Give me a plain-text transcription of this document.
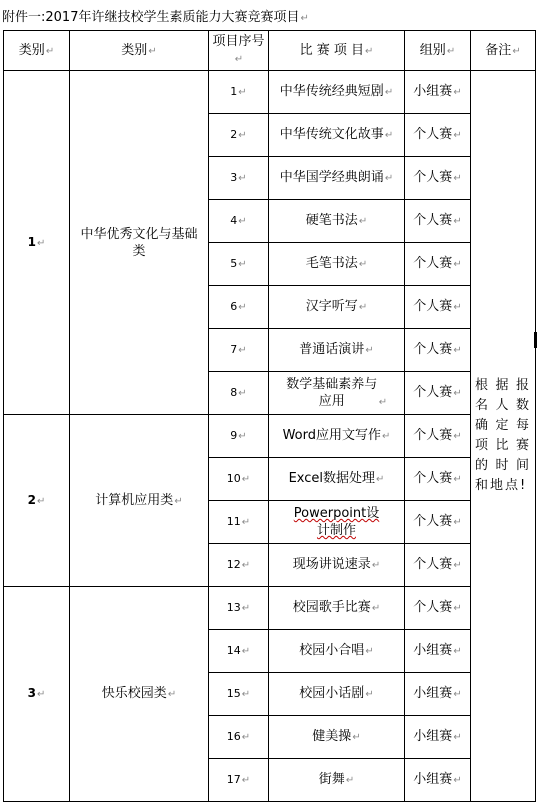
附件一:2017年许继技校学生素质能力大赛竞赛项目↵
类别↵	类别↵	项目序号↵	比 赛 项 目↵	组别↵	备注↵
1↵	中华优秀文化与基础类	1↵	中华传统经典短剧↵	小组赛↵	根据报名人数确定每项比赛的时间和地点!
		2↵	中华传统文化故事↵	个人赛↵	
		3↵	中华国学经典朗诵↵	个人赛↵	
		4↵	硬笔书法↵	个人赛↵	
		5↵	毛笔书法↵	个人赛↵	
		6↵	汉字听写↵	个人赛↵	
		7↵	普通话演讲↵	个人赛↵	
		8↵	数学基础素养与应用 ↵	个人赛↵	
2↵	计算机应用类↵	9↵	Word应用文写作↵	个人赛↵	
		10↵	Excel数据处理↵	个人赛↵	
		11↵	Powerpoint设计制作	个人赛↵	
		12↵	现场讲说速录↵	个人赛↵	
3↵	快乐校园类↵	13↵	校园歌手比赛↵	个人赛↵	
		14↵	校园小合唱↵	小组赛↵	
		15↵	校园小话剧↵	小组赛↵	
		16↵	健美操↵	小组赛↵	
		17↵	街舞↵	小组赛↵	
